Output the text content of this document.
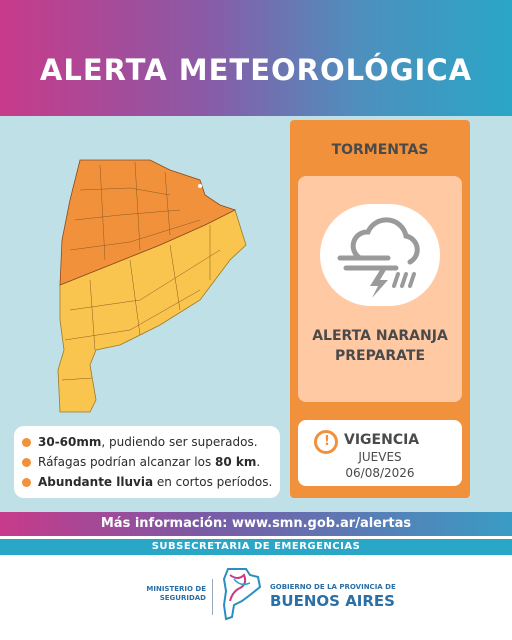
ALERTA METEOROLÓGICA
30-60mm, pudiendo ser superados.
Ráfagas podrían alcanzar los 80 km.
Abundante lluvia en cortos períodos.
TORMENTAS
ALERTA NARANJA
PREPARATE
! VIGENCIA
JUEVES
06/08/2026
Más información: www.smn.gob.ar/alertas
SUBSECRETARIA DE EMERGENCIAS
MINISTERIO DE
SEGURIDAD
GOBIERNO DE LA PROVINCIA DE
BUENOS AIRES
